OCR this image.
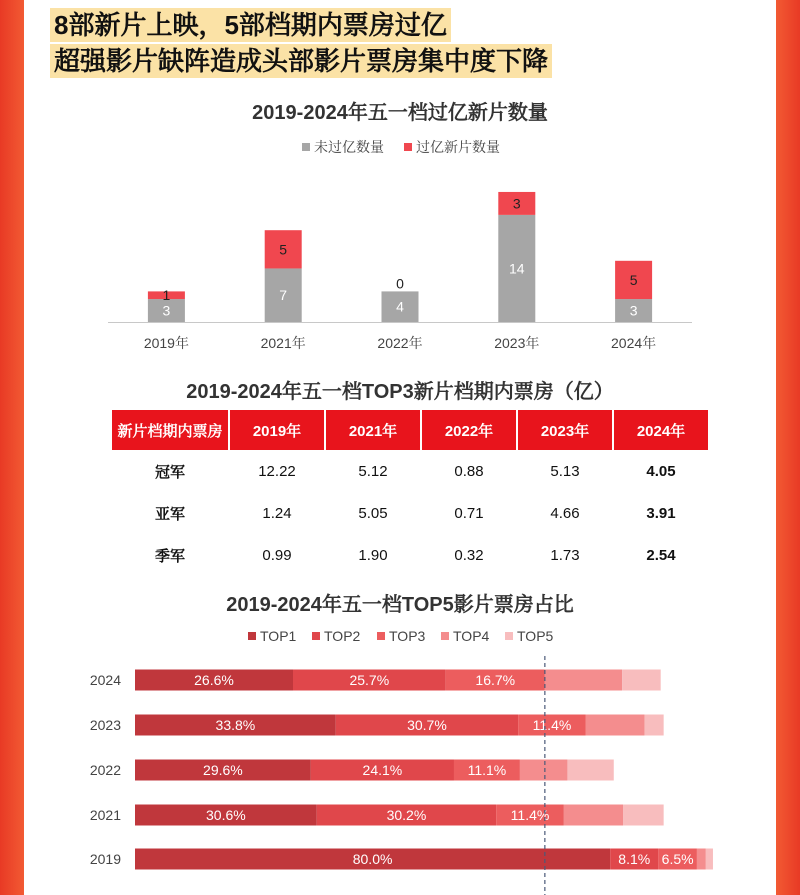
8部新片上映，5部档期内票房过亿
超强影片缺阵造成头部影片票房集中度下降
2019-2024年五一档过亿新片数量
未过亿数量 过亿新片数量
3
1
2019年
7
5
2021年
4
0
2022年
14
3
2023年
3
5
2024年
2019-2024年五一档TOP3新片档期内票房（亿）
新片档期内票房	2019年	2021年	2022年	2023年	2024年
冠军	12.22	5.12	0.88	5.13	4.05
亚军	1.24	5.05	0.71	4.66	3.91
季军	0.99	1.90	0.32	1.73	2.54
2019-2024年五一档TOP5影片票房占比
TOP1 TOP2 TOP3 TOP4 TOP5
2024	26.6%	25.7%	16.7%
2023	33.8%	30.7%	11.4%
2022	29.6%	24.1%	11.1%
2021	30.6%	30.2%	11.4%
2019	80.0%	8.1% 6.5%
